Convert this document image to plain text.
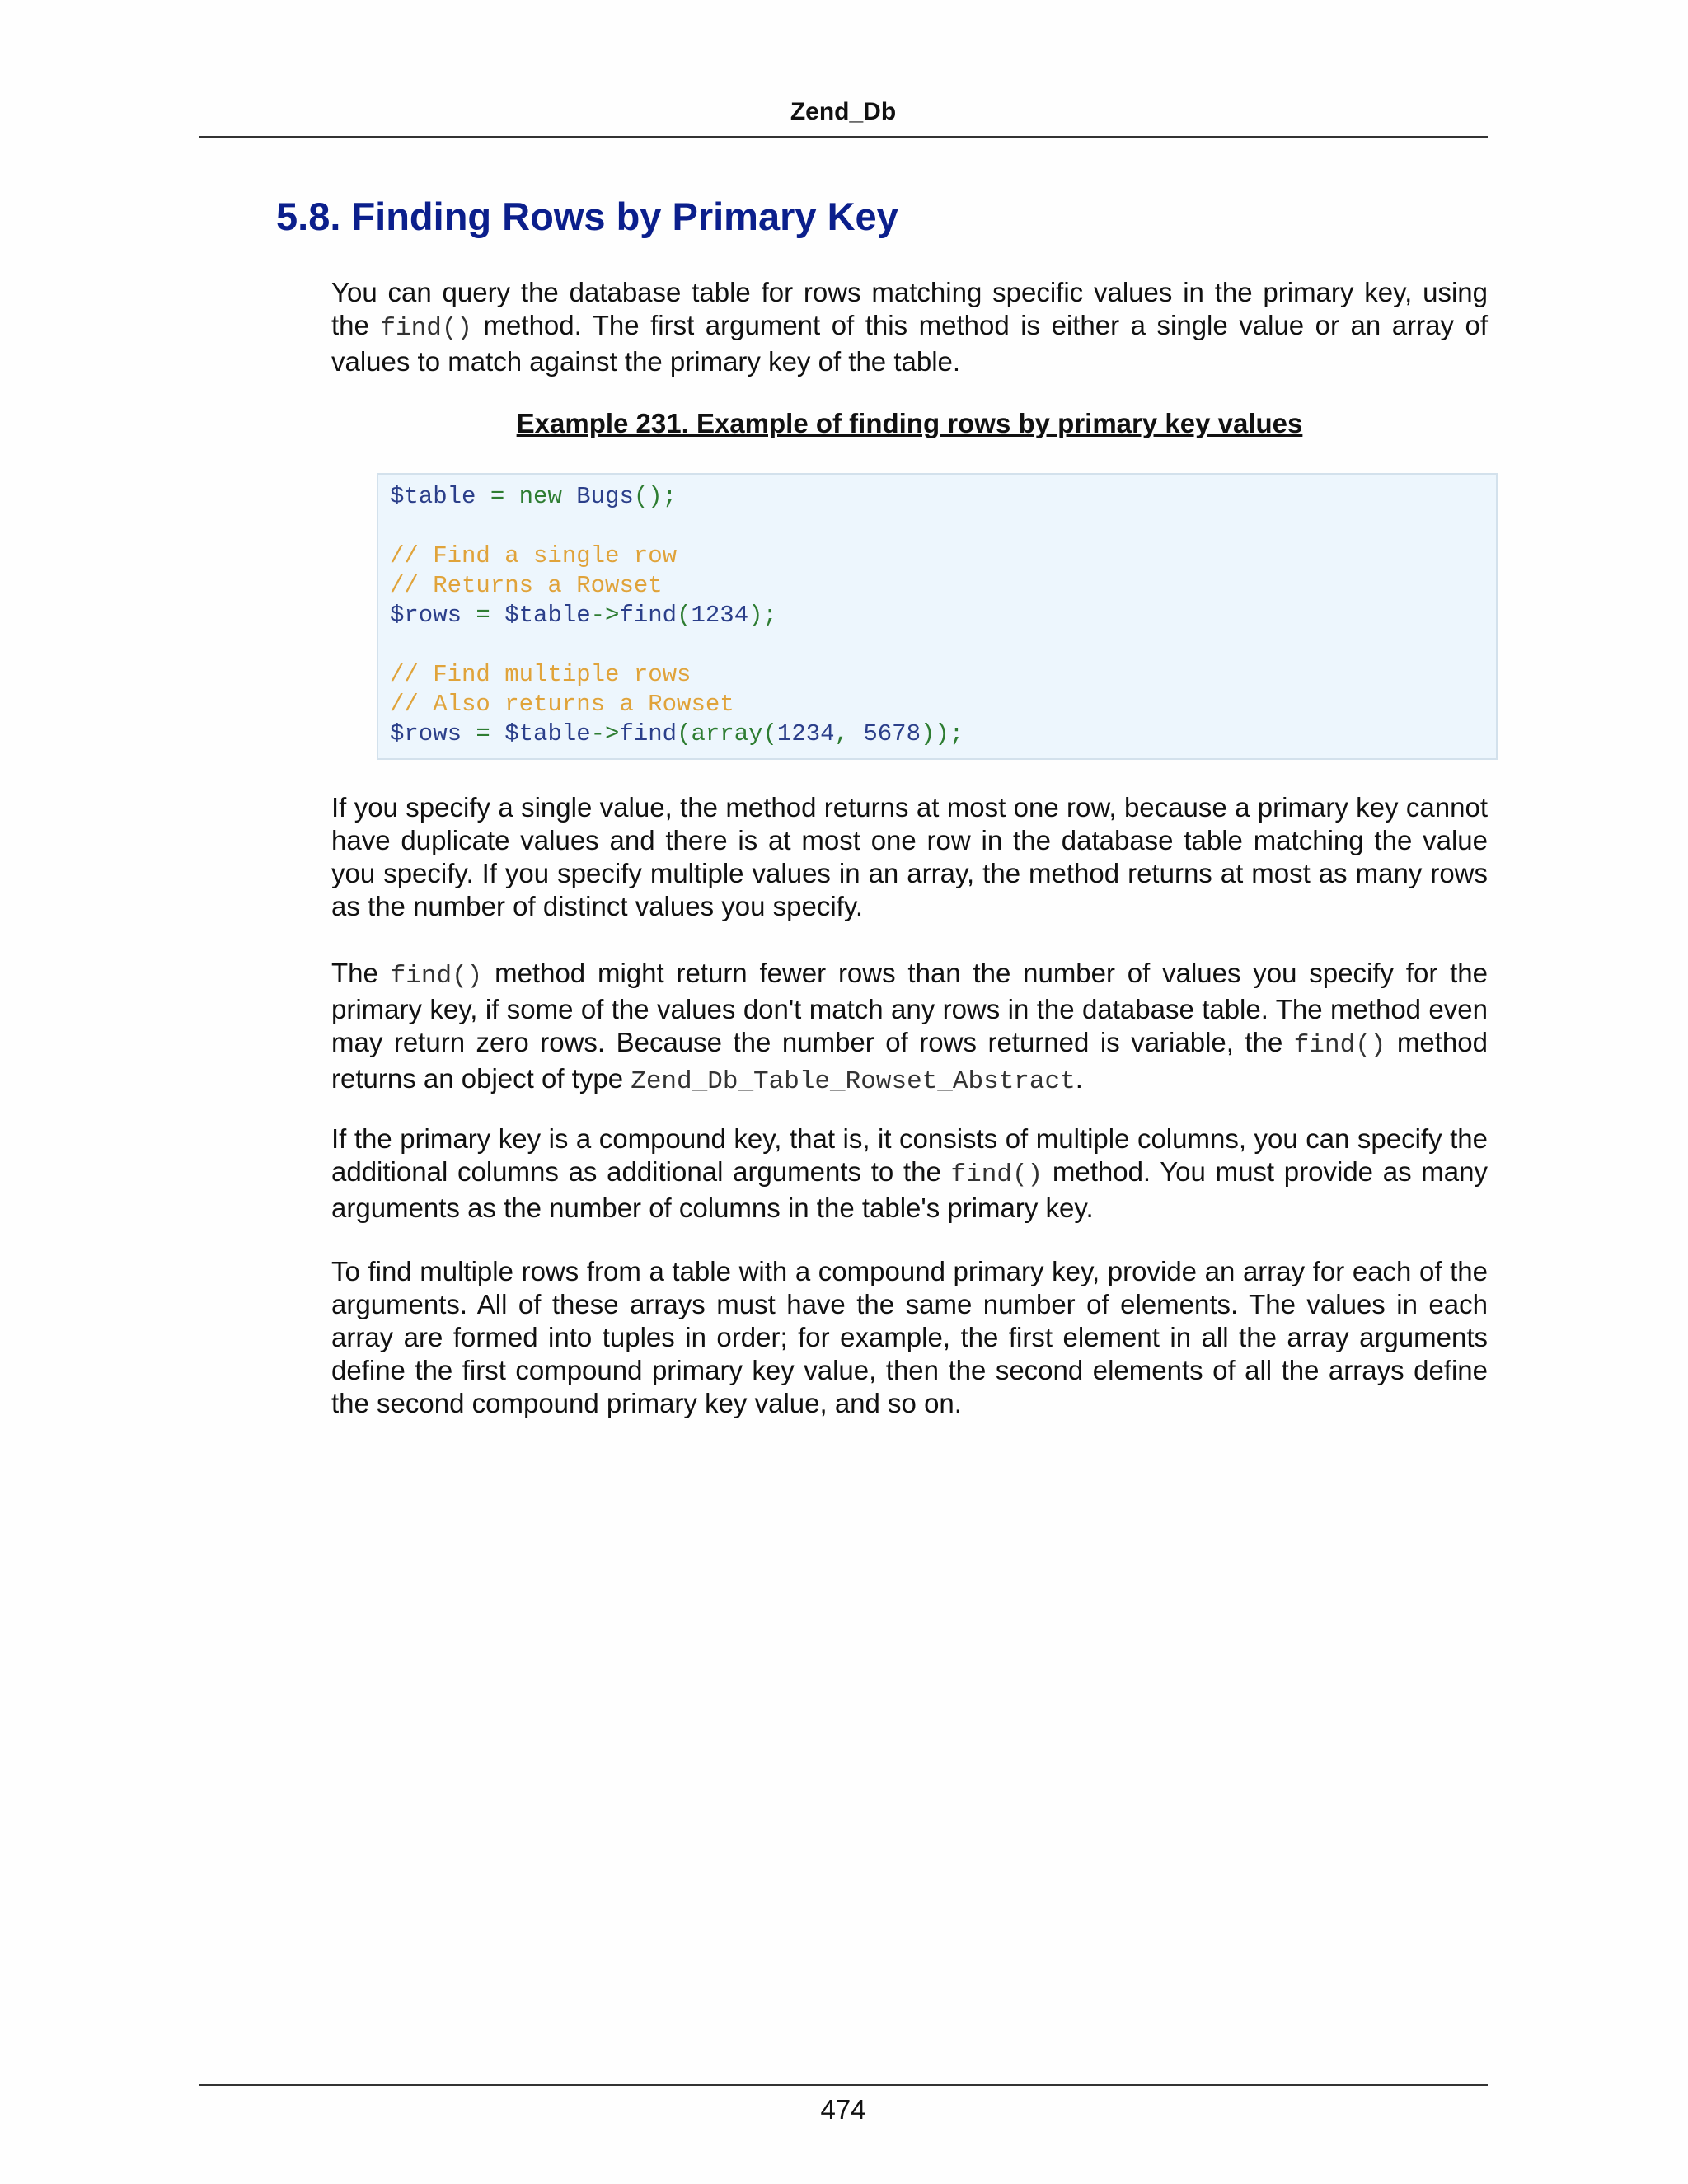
Zend_Db
5.8. Finding Rows by Primary Key

You can query the database table for rows matching specific values in the primary key, using the find() method. The first argument of this method is either a single value or an array of values to match against the primary key of the table.

Example 231. Example of finding rows by primary key values

$table = new Bugs();
// Find a single row
// Returns a Rowset
$rows = $table->find(1234);
// Find multiple rows
// Also returns a Rowset
$rows = $table->find(array(1234, 5678));

If you specify a single value, the method returns at most one row, because a primary key cannot have duplicate values and there is at most one row in the database table matching the value you specify. If you specify multiple values in an array, the method returns at most as many rows as the number of distinct values you specify.

The find() method might return fewer rows than the number of values you specify for the primary key, if some of the values don't match any rows in the database table. The method even may return zero rows. Because the number of rows returned is variable, the find() method returns an object of type Zend_Db_Table_Rowset_Abstract.

If the primary key is a compound key, that is, it consists of multiple columns, you can specify the additional columns as additional arguments to the find() method. You must provide as many arguments as the number of columns in the table's primary key.

To find multiple rows from a table with a compound primary key, provide an array for each of the arguments. All of these arrays must have the same number of elements. The values in each array are formed into tuples in order; for example, the first element in all the array arguments define the first compound primary key value, then the second elements of all the arrays define the second compound primary key value, and so on.

474
